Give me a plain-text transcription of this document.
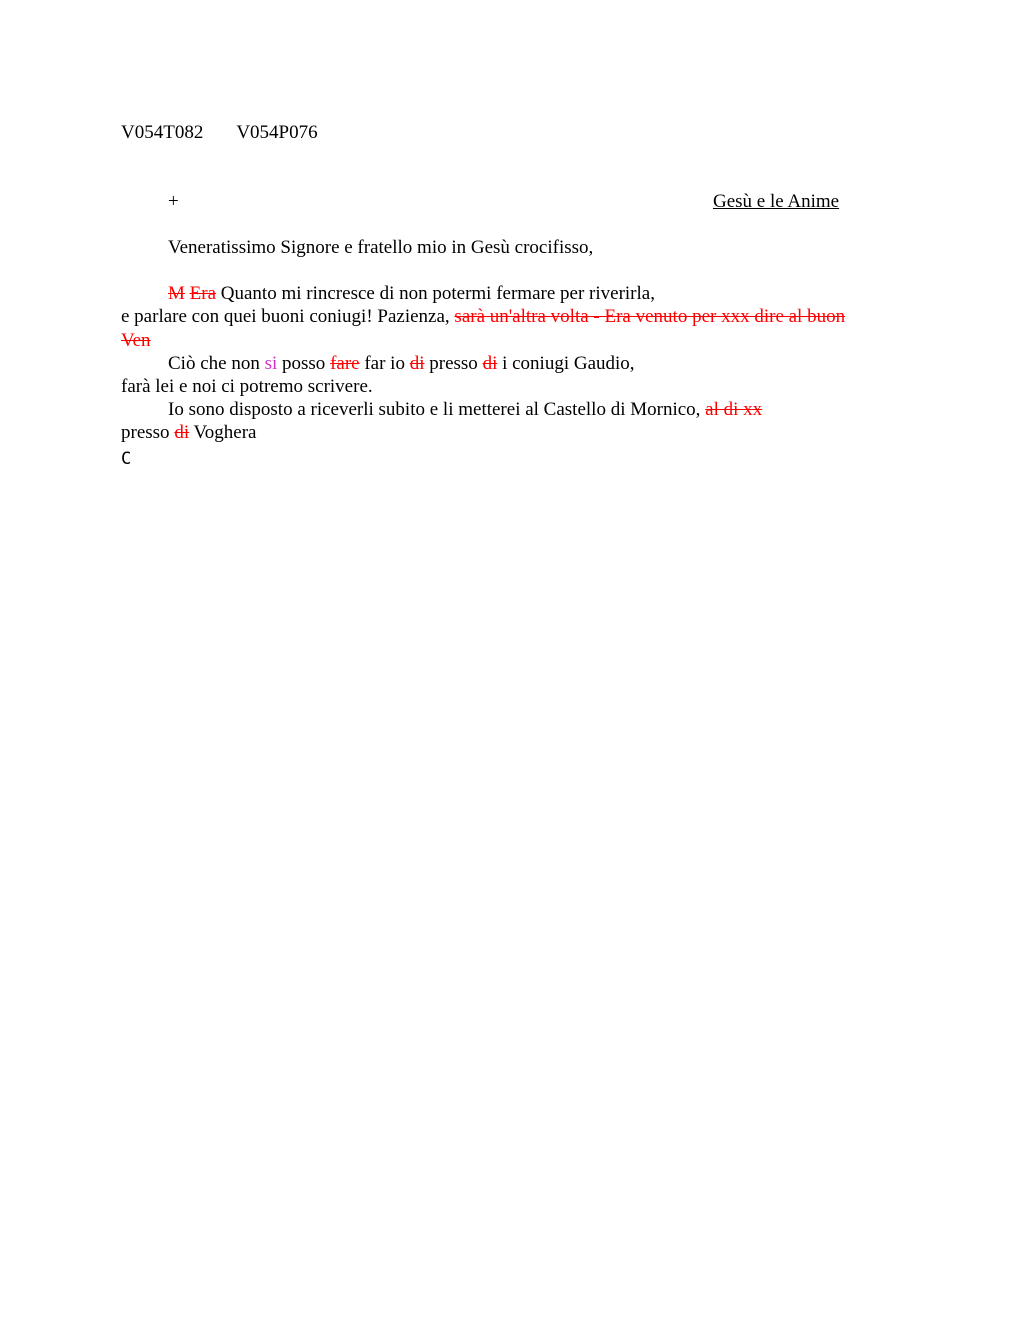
V054T082 V054P076
+	Gesù e le Anime
Veneratissimo Signore e fratello mio in Gesù crocifisso,
M Era Quanto mi rincresce di non potermi fermare per riverirla,
e parlare con quei buoni coniugi! Pazienza, sarà un'altra volta - Era venuto per xxx dire al buon
Ven
Ciò che non si posso fare far io di presso di i coniugi Gaudio,
farà lei e noi ci potremo scrivere.
Io sono disposto a riceverli subito e li metterei al Castello di Mornico, al di xx
presso di Voghera
C
